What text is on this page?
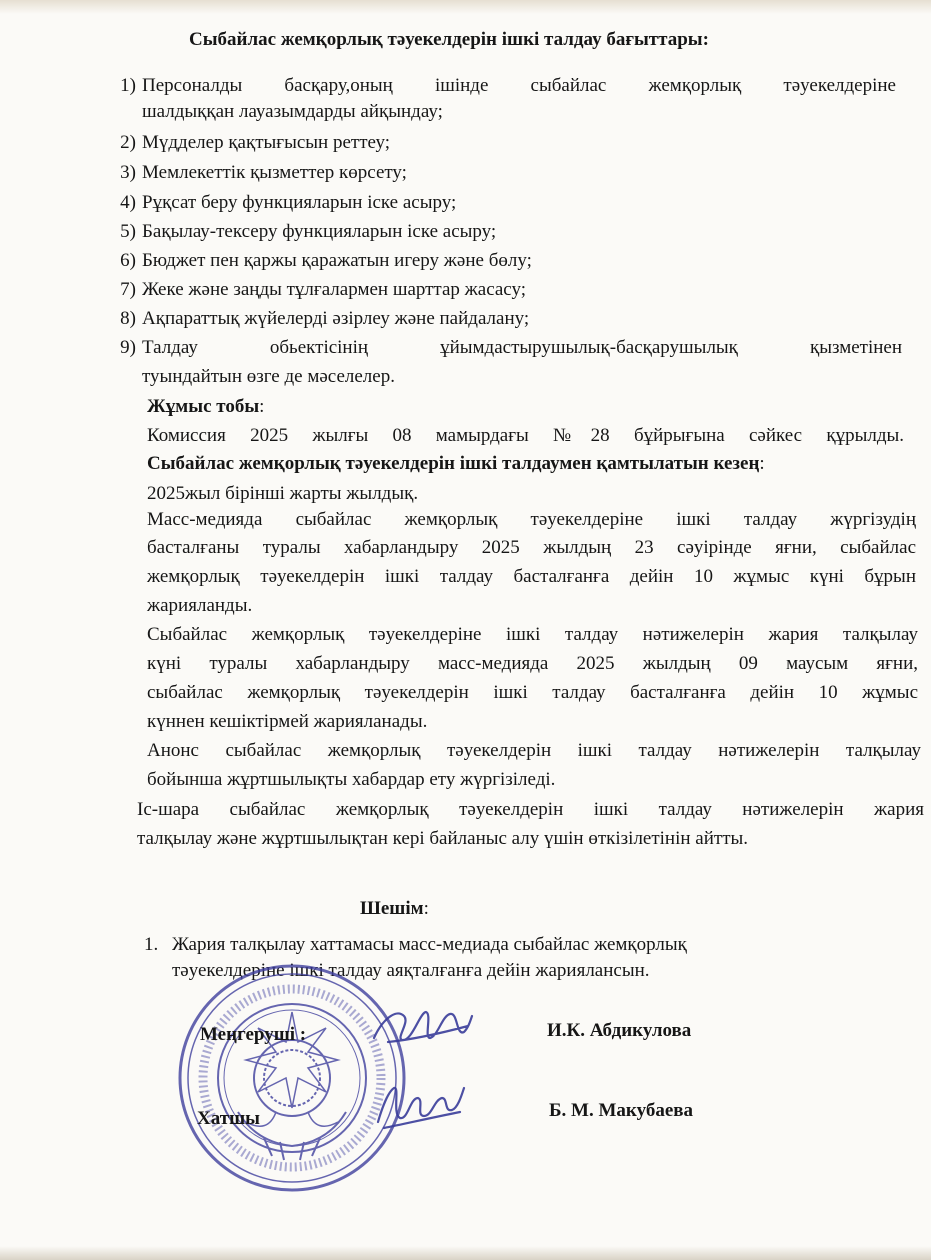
Сыбайлас жемқорлық тәуекелдерін ішкі талдау бағыттары:
1) Персоналды басқару,оның ішінде сыбайлас жемқорлық тәуекелдеріне
шалдыққан лауазымдарды айқындау;
2) Мүдделер қақтығысын реттеу;
3) Мемлекеттік қызметтер көрсету;
4) Рұқсат беру функцияларын іске асыру;
5) Бақылау-тексеру функцияларын іске асыру;
6) Бюджет пен қаржы қаражатын игеру және бөлу;
7) Жеке және заңды тұлғалармен шарттар жасасу;
8) Ақпараттық жүйелерді әзірлеу және пайдалану;
9) Талдау обьектісінің ұйымдастырушылық-басқарушылық қызметінен
туындайтын өзге де мәселелер.
Жұмыс тобы:
Комиссия 2025 жылғы 08 мамырдағы №28 бұйрығына сәйкес құрылды.
Сыбайлас жемқорлық тәуекелдерін ішкі талдаумен қамтылатын кезең:
2025жыл бірінші жарты жылдық.
Масс-медияда сыбайлас жемқорлық тәуекелдеріне ішкі талдау жүргізудің
басталғаны туралы хабарландыру 2025 жылдың 23 сәуірінде яғни, сыбайлас
жемқорлық тәуекелдерін ішкі талдау басталғанға дейін 10 жұмыс күні бұрын
жарияланды.
Сыбайлас жемқорлық тәуекелдеріне ішкі талдау нәтижелерін жария талқылау
күні туралы хабарландыру масс-медияда 2025 жылдың 09 маусым яғни,
сыбайлас жемқорлық тәуекелдерін ішкі талдау басталғанға дейін 10 жұмыс
күннен кешіктірмей жарияланады.
Анонс сыбайлас жемқорлық тәуекелдерін ішкі талдау нәтижелерін талқылау
бойынша жұртшылықты хабардар ету жүргізіледі.
Іс-шара сыбайлас жемқорлық тәуекелдерін ішкі талдау нәтижелерін жария
талқылау және жұртшылықтан кері байланыс алу үшін өткізілетінін айтты.
Шешім:
1. Жария талқылау хаттамасы масс-медиада сыбайлас жемқорлық
тәуекелдеріне ішкі талдау аяқталғанға дейін жариялансын.
Меңгеруші :	И.К. Абдикулова
Хатшы	Б. М. Макубаева
